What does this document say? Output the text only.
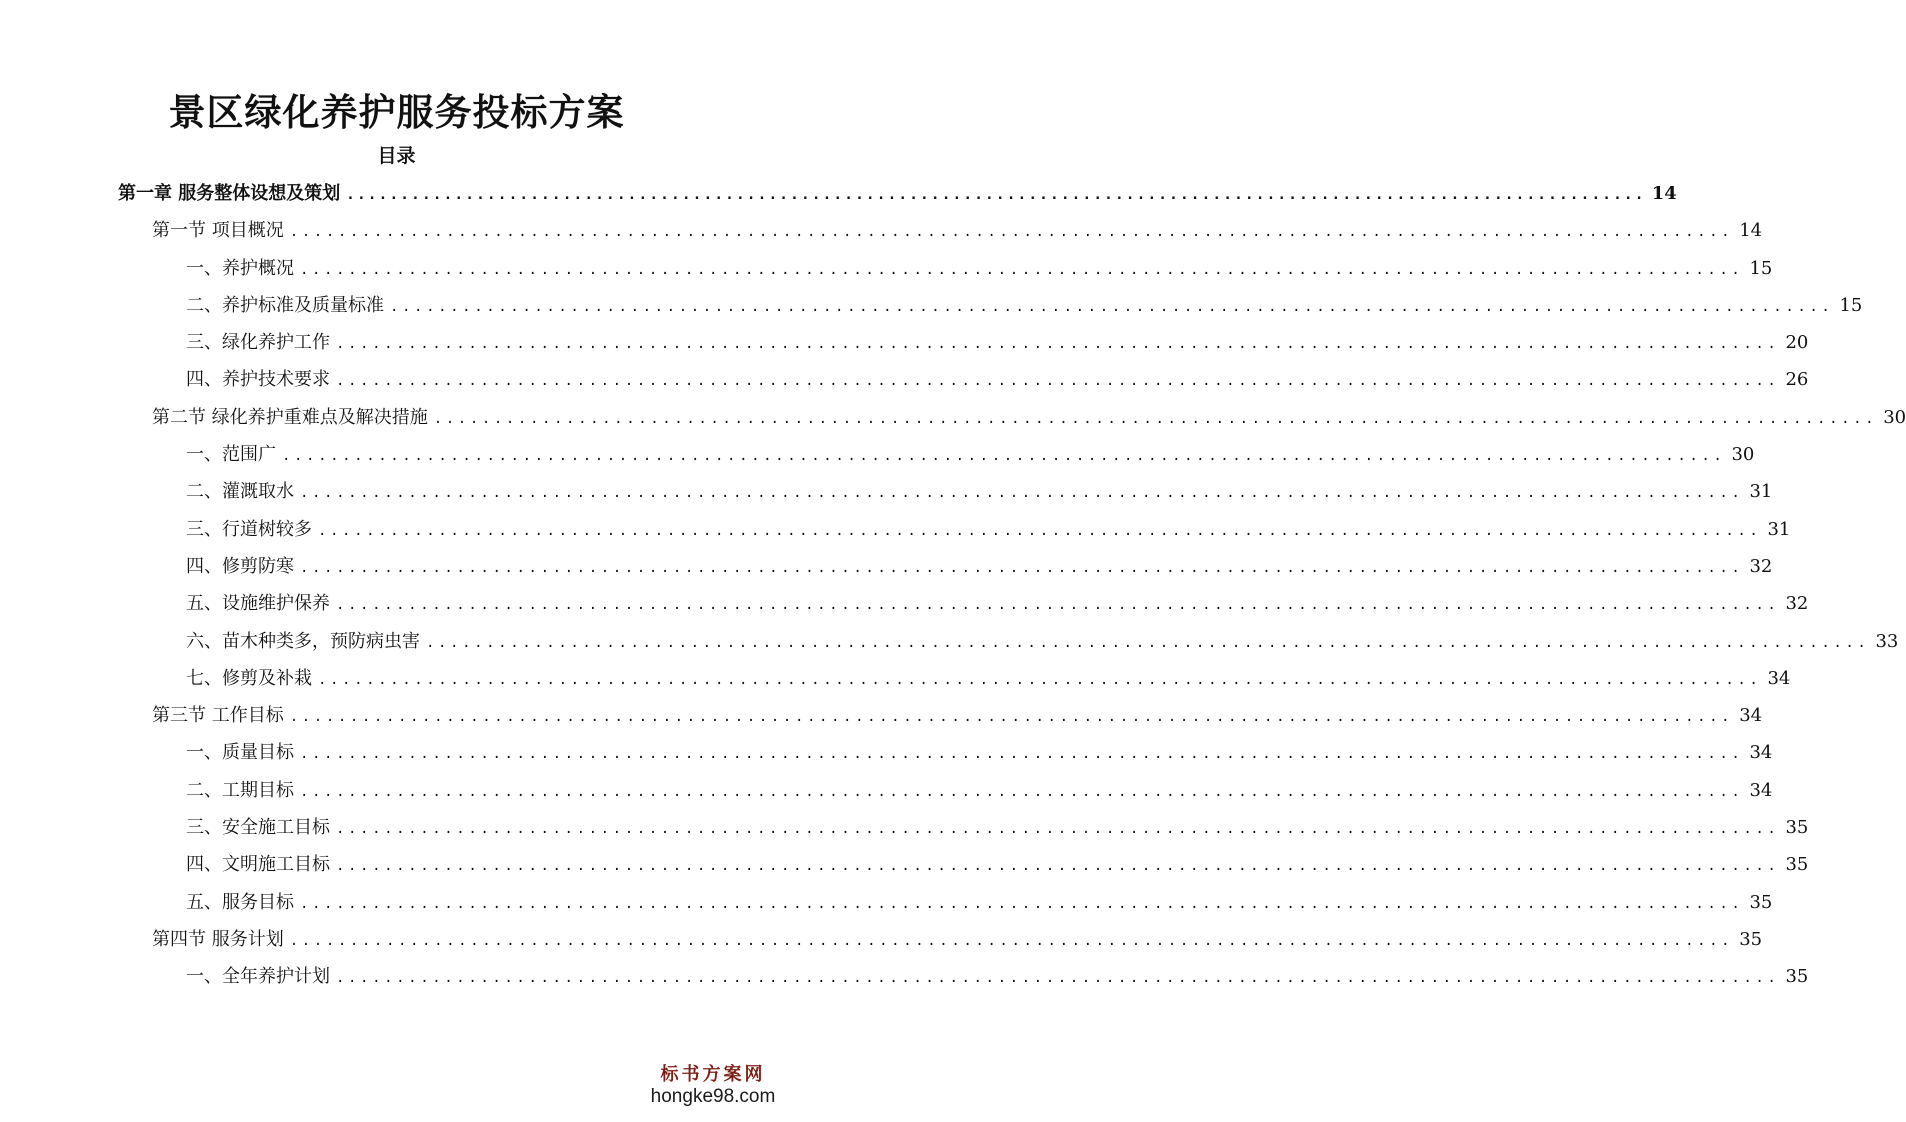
景区绿化养护服务投标方案
目录
第一章 服务整体设想及策划 ........................................................................................................................ 14
第一节 项目概况 ........................................................................................................................ 14
一、养护概况 ........................................................................................................................ 15
二、养护标准及质量标准 ........................................................................................................................ 15
三、绿化养护工作 ........................................................................................................................ 20
四、养护技术要求 ........................................................................................................................ 26
第二节 绿化养护重难点及解决措施 ........................................................................................................................ 30
一、范围广 ........................................................................................................................ 30
二、灌溉取水 ........................................................................................................................ 31
三、行道树较多 ........................................................................................................................ 31
四、修剪防寒 ........................................................................................................................ 32
五、设施维护保养 ........................................................................................................................ 32
六、苗木种类多，预防病虫害 ........................................................................................................................ 33
七、修剪及补栽 ........................................................................................................................ 34
第三节 工作目标 ........................................................................................................................ 34
一、质量目标 ........................................................................................................................ 34
二、工期目标 ........................................................................................................................ 34
三、安全施工目标 ........................................................................................................................ 35
四、文明施工目标 ........................................................................................................................ 35
五、服务目标 ........................................................................................................................ 35
第四节 服务计划 ........................................................................................................................ 35
一、全年养护计划 ........................................................................................................................ 35
标书方案网
hongke98.com
